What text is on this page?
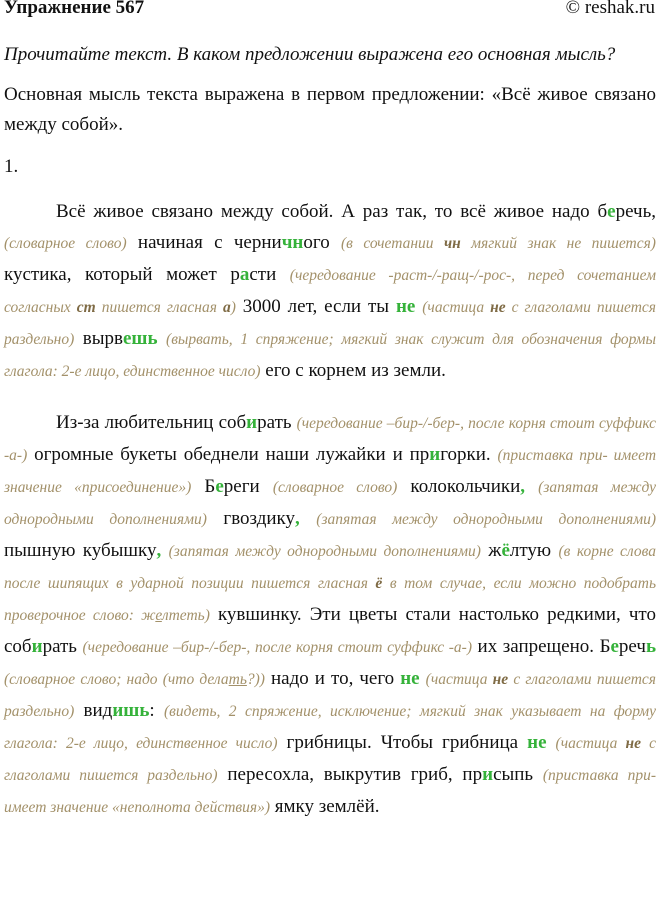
Упражнение 567	© reshak.ru
Прочитайте текст. В каком предложении выражена его основная мысль?
Основная мысль текста выражена в первом предложении: «Всё живое связано между собой».
1.

Всё живое связано между собой. А раз так, то всё живое надо беречь, (словарное слово) начиная с черничного (в сочетании чн мягкий знак не пишется) кустика, который может расти (чередование -раст-/-ращ-/-рос-, перед сочетанием согласных ст пишется гласная а) 3000 лет, если ты не (частица не с глаголами пишется раздельно) вырвешь (вырвать, 1 спряжение; мягкий знак служит для обозначения формы глагола: 2-е лицо, единственное число) его с корнем из земли.

Из-за любительниц собирать (чередование –бир-/-бер-, после корня стоит суффикс -а-) огромные букеты обеднели наши лужайки и пригорки. (приставка при- имеет значение «присоединение») Береги (словарное слово) колокольчики, (запятая между однородными дополнениями) гвоздику, (запятая между однородными дополнениями) пышную кубышку, (запятая между однородными дополнениями) жёлтую (в корне слова после шипящих в ударной позиции пишется гласная ё в том случае, если можно подобрать проверочное слово: желтеть) кувшинку. Эти цветы стали настолько редкими, что собирать (чередование –бир-/-бер-, после корня стоит суффикс -а-) их запрещено. Беречь (словарное слово; надо (что делать?)) надо и то, чего не (частица не с глаголами пишется раздельно) видишь: (видеть, 2 спряжение, исключение; мягкий знак указывает на форму глагола: 2-е лицо, единственное число) грибницы. Чтобы грибница не (частица не с глаголами пишется раздельно) пересохла, выкрутив гриб, присыпь (приставка при- имеет значение «неполнота действия») ямку землёй.
